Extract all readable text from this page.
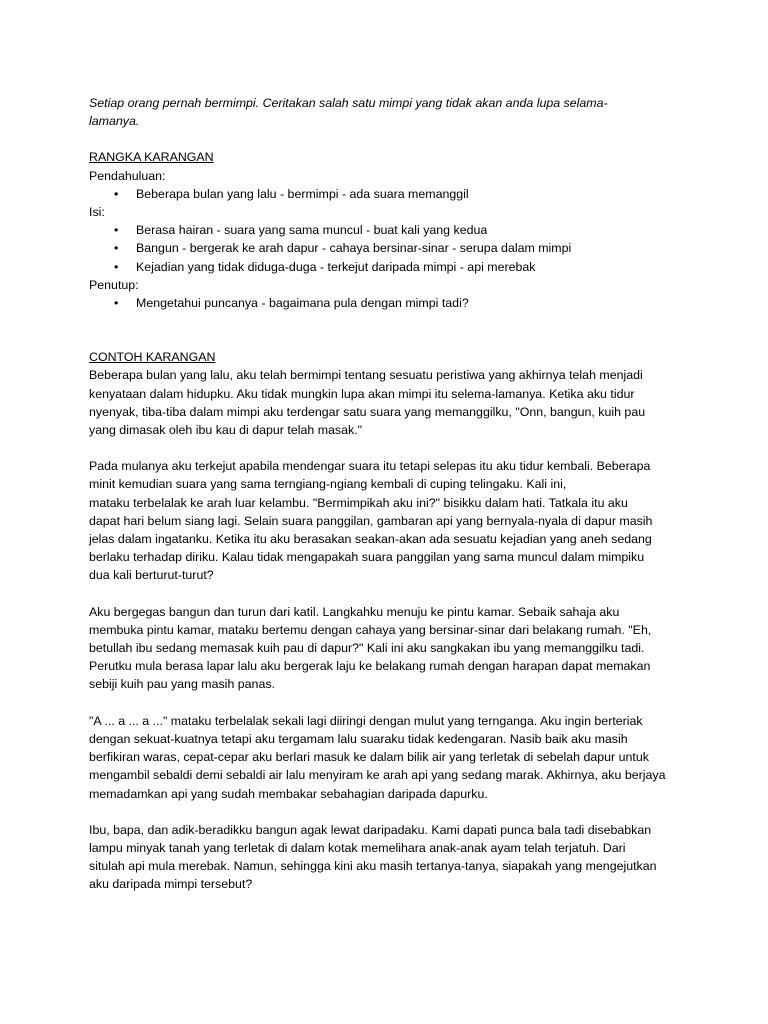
Setiap orang pernah bermimpi. Ceritakan salah satu mimpi yang tidak akan anda lupa selama-
lamanya.

RANGKA KARANGAN

Pendahuluan:

• Beberapa bulan yang lalu - bermimpi - ada suara memanggil

Isi:

• Berasa hairan - suara yang sama muncul - buat kali yang kedua
• Bangun - bergerak ke arah dapur - cahaya bersinar-sinar - serupa dalam mimpi
• Kejadian yang tidak diduga-duga - terkejut daripada mimpi - api merebak

Penutup:

• Mengetahui puncanya - bagaimana pula dengan mimpi tadi?

CONTOH KARANGAN

Beberapa bulan yang lalu, aku telah bermimpi tentang sesuatu peristiwa yang akhirnya telah menjadi
kenyataan dalam hidupku. Aku tidak mungkin lupa akan mimpi itu selema-lamanya. Ketika aku tidur
nyenyak, tiba-tiba dalam mimpi aku terdengar satu suara yang memanggilku, "Onn, bangun, kuih pau
yang dimasak oleh ibu kau di dapur telah masak."

Pada mulanya aku terkejut apabila mendengar suara itu tetapi selepas itu aku tidur kembali. Beberapa
minit kemudian suara yang sama terngiang-ngiang kembali di cuping telingaku. Kali ini,
mataku terbelalak ke arah luar kelambu. "Bermimpikah aku ini?" bisikku dalam hati. Tatkala itu aku
dapat hari belum siang lagi. Selain suara panggilan, gambaran api yang bernyala-nyala di dapur masih
jelas dalam ingatanku. Ketika itu aku berasakan seakan-akan ada sesuatu kejadian yang aneh sedang
berlaku terhadap diriku. Kalau tidak mengapakah suara panggilan yang sama muncul dalam mimpiku
dua kali berturut-turut?

Aku bergegas bangun dan turun dari katil. Langkahku menuju ke pintu kamar. Sebaik sahaja aku
membuka pintu kamar, mataku bertemu dengan cahaya yang bersinar-sinar dari belakang rumah. "Eh,
betullah ibu sedang memasak kuih pau di dapur?" Kali ini aku sangkakan ibu yang memanggilku tadi.
Perutku mula berasa lapar lalu aku bergerak laju ke belakang rumah dengan harapan dapat memakan
sebiji kuih pau yang masih panas.

"A ... a ... a ..." mataku terbelalak sekali lagi diiringi dengan mulut yang ternganga. Aku ingin berteriak
dengan sekuat-kuatnya tetapi aku tergamam lalu suaraku tidak kedengaran. Nasib baik aku masih
berfikiran waras, cepat-cepar aku berlari masuk ke dalam bilik air yang terletak di sebelah dapur untuk
mengambil sebaldi demi sebaldi air lalu menyiram ke arah api yang sedang marak. Akhirnya, aku berjaya
memadamkan api yang sudah membakar sebahagian daripada dapurku.

Ibu, bapa, dan adik-beradikku bangun agak lewat daripadaku. Kami dapati punca bala tadi disebabkan
lampu minyak tanah yang terletak di dalam kotak memelihara anak-anak ayam telah terjatuh. Dari
situlah api mula merebak. Namun, sehingga kini aku masih tertanya-tanya, siapakah yang mengejutkan
aku daripada mimpi tersebut?
